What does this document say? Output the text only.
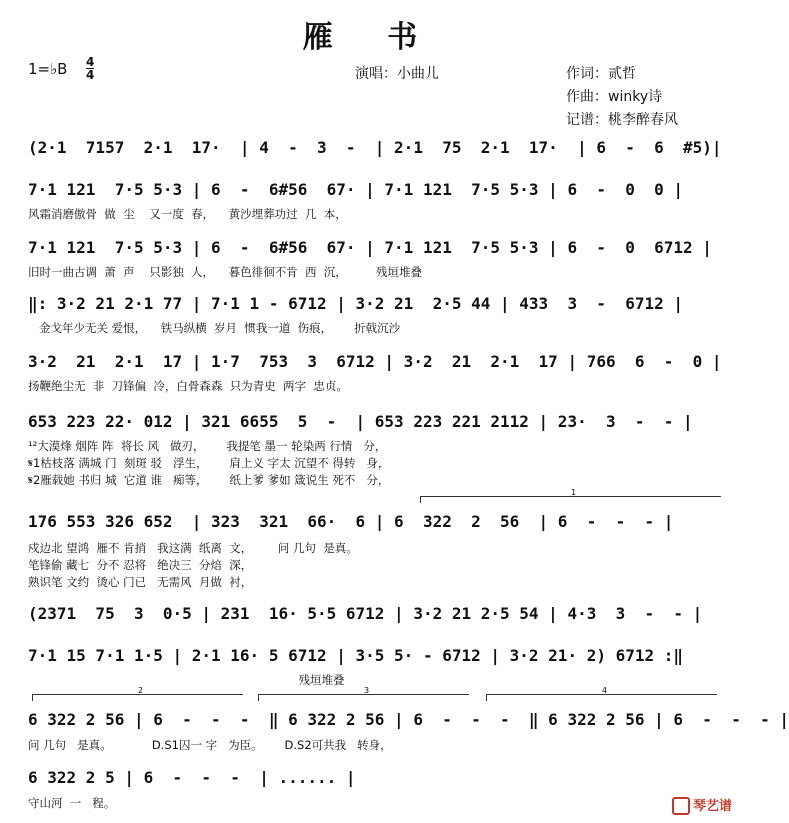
雁 书
1=♭B 4
4	演唱：小曲儿	作词：贰哲
作曲：winky诗
记谱：桃李醉春风
(2·1  7157  2·1  17·  | 4  -  3  -  | 2·1  75  2·1  17·  | 6  -  6  #5)|
7·1 121  7·5 5·3 | 6  -  6#56  67· | 7·1 121  7·5 5·3 | 6  -  0  0 |
风霜消磨傲骨  做  尘    又一度  春，    黄沙埋葬功过  几  本，
7·1 121  7·5 5·3 | 6  -  6#56  67· | 7·1 121  7·5 5·3 | 6  -  0  6712 |
旧时一曲古调  萧  声    只影独  人，    暮色徘徊不肯  西  沉，        残垣堆叠
‖: 3·2 21 2·1 77 | 7·1 1 - 6712 | 3·2 21  2·5 44 | 433  3  -  6712 |
金戈年少无关 爱恨，    铁马纵横  岁月  惯我一道  伤痕，      折戟沉沙
3·2  21  2·1  17 | 1·7  753  3  6712 | 3·2  21  2·1  17 | 766  6  -  0 |
扬鞭绝尘无  非  刀锋偏  冷，白骨森森  只为青史  两字  忠贞。
653 223 22· 012 | 321 6655  5  -  | 653 223 221 2112 | 23·  3  -  - |
¹²大漠烽 烟阵 阵  将长 风   做刃，      我提笔 墨一 轮染两 行情   分，
𝄋1枯枝落 满城 门  刻斑 驳   浮生，      肩上义 字太 沉望不 得转   身，
𝄋2雁载她 书归 城  它道 谁   痴等，      纸上爹 爹如 箴说生 死不   分，
1
176 553 326 652  | 323  321  66·  6 | 6  322  2  56  | 6  -  -  - |
戍边北 望鸿  雁不 肯捎   我这满  纸离  文，       问 几句  是真。
笔锋偷 藏七  分不 忍将   绝决三  分焙  深，
熟识笔 文约  烫心 门已   无需风  月做  衬，
(2371  75  3  0·5 | 231  16· 5·5 6712 | 3·2 21 2·5 54 | 4·3  3  -  - |
7·1 15 7·1 1·5 | 2·1 16· 5 6712 | 3·5 5· - 6712 | 3·2 21· 2) 6712 :‖
残垣堆叠
2	3	4
6 322 2 56 | 6  -  -  -  ‖ 6 322 2 56 | 6  -  -  -  ‖ 6 322 2 56 | 6  -  -  - |
问 几句   是真。           D.S1囚一 字   为臣。      D.S2可共我   转身，
6 322 2 5 | 6  -  -  -  | ...... |
守山河  一   程。	琴艺谱
